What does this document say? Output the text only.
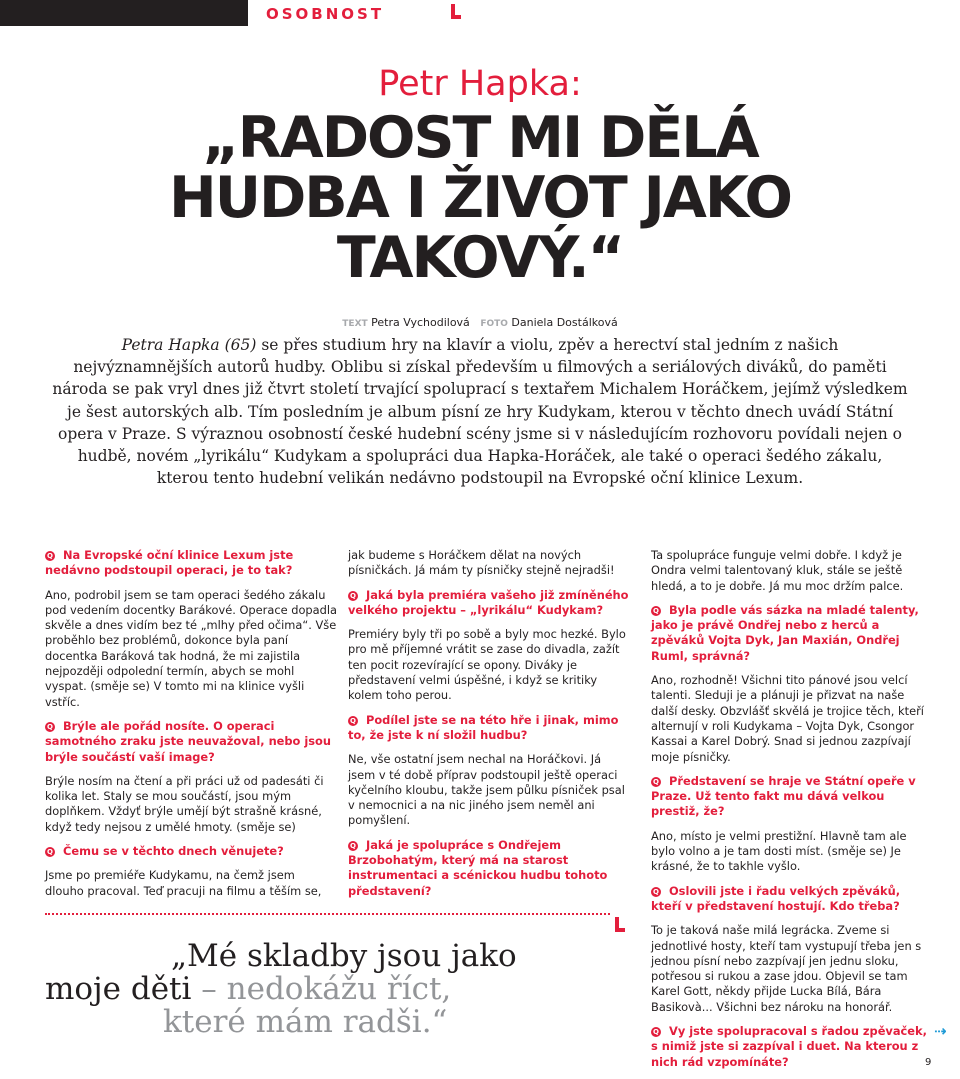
OSOBNOST
Petr Hapka:
„RADOST MI DĚLÁ
HUDBA I ŽIVOT JAKO
TAKOVÝ.“
TEXT Petra Vychodilová FOTO Daniela Dostálková
Petra Hapka (65) se přes studium hry na klavír a violu, zpěv a herectví stal jedním z našich nejvýznamnějších autorů hudby. Oblibu si získal především u filmových a seriálových diváků, do paměti národa se pak vryl dnes již čtvrt století trvající spoluprací s textařem Michalem Horáčkem, jejímž výsledkem je šest autorských alb. Tím posledním je album písní ze hry Kudykam, kterou v těchto dnech uvádí Státní opera v Praze. S výraznou osobností české hudební scény jsme si v následujícím rozhovoru povídali nejen o hudbě, novém „lyrikálu“ Kudykam a spolupráci dua Hapka-Horáček, ale také o operaci šedého zákalu, kterou tento hudební velikán nedávno podstoupil na Evropské oční klinice Lexum.

Q Na Evropské oční klinice Lexum jste nedávno podstoupil operaci, je to tak?

Ano, podrobil jsem se tam operaci šedého zákalu pod vedením docentky Barákové. Operace dopadla skvěle a dnes vidím bez té „mlhy před očima“. Vše proběhlo bez problémů, dokonce byla paní docentka Baráková tak hodná, že mi zajistila nejpozději odpolední termín, abych se mohl vyspat. (směje se) V tomto mi na klinice vyšli vstříc.

Q Brýle ale pořád nosíte. O operaci samotného zraku jste neuvažoval, nebo jsou brýle součástí vaší image?

Brýle nosím na čtení a při práci už od padesáti či kolika let. Staly se mou součástí, jsou mým doplňkem. Vždyť brýle umějí být strašně krásné, když tedy nejsou z umělé hmoty. (směje se)

Q Čemu se v těchto dnech věnujete?

Jsme po premiéře Kudykamu, na čemž jsem dlouho pracoval. Teď pracuji na filmu a těším se,

jak budeme s Horáčkem dělat na nových písničkách. Já mám ty písničky stejně nejradši!

Q Jaká byla premiéra vašeho již zmíněného velkého projektu – „lyrikálu“ Kudykam?

Premiéry byly tři po sobě a byly moc hezké. Bylo pro mě příjemné vrátit se zase do divadla, zažít ten pocit rozevírající se opony. Diváky je představení velmi úspěšné, i když se kritiky kolem toho perou.

Q Podílel jste se na této hře i jinak, mimo to, že jste k ní složil hudbu?

Ne, vše ostatní jsem nechal na Horáčkovi. Já jsem v té době příprav podstoupil ještě operaci kyčelního kloubu, takže jsem půlku písniček psal v nemocnici a na nic jiného jsem neměl ani pomyšlení.

Q Jaká je spolupráce s Ondřejem Brzobohatým, který má na starost instrumentaci a scénickou hudbu tohoto představení?

Ta spolupráce funguje velmi dobře. I když je Ondra velmi talentovaný kluk, stále se ještě hledá, a to je dobře. Já mu moc držím palce.

Q Byla podle vás sázka na mladé talenty, jako je právě Ondřej nebo z herců a zpěváků Vojta Dyk, Jan Maxián, Ondřej Ruml, správná?

Ano, rozhodně! Všichni tito pánové jsou velcí talenti. Sleduji je a plánuji je přizvat na naše další desky. Obzvlášť skvělá je trojice těch, kteří alternují v roli Kudykama – Vojta Dyk, Csongor Kassai a Karel Dobrý. Snad si jednou zazpívají moje písničky.

Q Představení se hraje ve Státní opeře v Praze. Už tento fakt mu dává velkou prestiž, že?

Ano, místo je velmi prestižní. Hlavně tam ale bylo volno a je tam dosti míst. (směje se) Je krásné, že to takhle vyšlo.

Q Oslovili jste i řadu velkých zpěváků, kteří v představení hostují. Kdo třeba?

To je taková naše milá legrácka. Zveme si jednotlivé hosty, kteří tam vystupují třeba jen s jednou písní nebo zazpívají jen jednu sloku, potřesou si rukou a zase jdou. Objevil se tam Karel Gott, někdy přijde Lucka Bílá, Bára Basikovà... Všichni bez nároku na honorář.

Q Vy jste spolupracoval s řadou zpěvaček, s nimiž jste si zazpíval i duet. Na kterou z nich rád vzpomínáte?

„Mé skladby jsou jako
moje děti – nedokážu říct,
které mám radši.“	⇢
9
